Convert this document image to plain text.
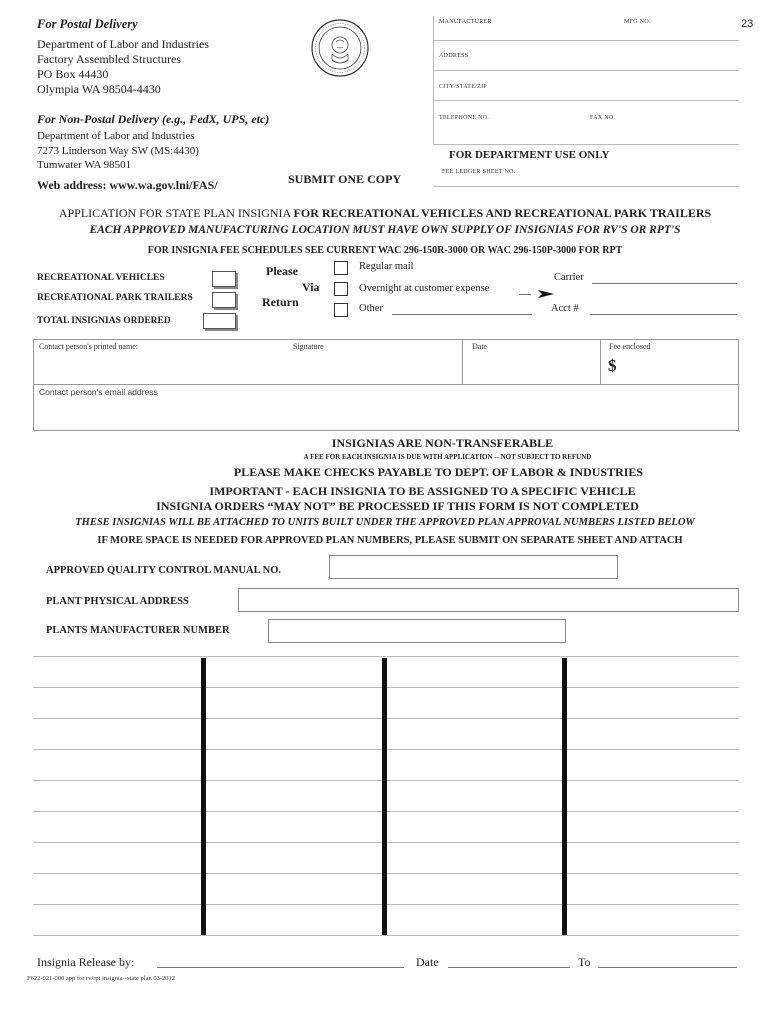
23
For Postal Delivery
Department of Labor and Industries
Factory Assembled Structures
PO Box 44430
Olympia WA 98504-4430
For Non-Postal Delivery (e.g., FedX, UPS, etc)
Department of Labor and Industries
7273 Linderson Way SW (MS:4430)
Tumwater WA 98501
Web address: www.wa.gov.lni/FAS/	SUBMIT ONE COPY
MANUFACTURER	MFG NO.
ADDRESS
CITY/STATE/ZIP
TELEPHONE NO.	FAX NO.
FOR DEPARTMENT USE ONLY
FEE LEDGER SHEET NO.
APPLICATION FOR STATE PLAN INSIGNIA FOR RECREATIONAL VEHICLES AND RECREATIONAL PARK TRAILERS
EACH APPROVED MANUFACTURING LOCATION MUST HAVE OWN SUPPLY OF INSIGNIAS FOR RV'S OR RPT'S
FOR INSIGNIA FEE SCHEDULES SEE CURRENT WAC 296-150R-3000 OR WAC 296-150P-3000 FOR RPT
RECREATIONAL VEHICLES
RECREATIONAL PARK TRAILERS
TOTAL INSIGNIAS ORDERED
Please
Via
Return
Regular mail
Overnight at customer expense
Other
Carrier
Acct #
Contact person's printed name:	Signature	Date	Fee enclosed
$
Contact person's email address
INSIGNIAS ARE NON-TRANSFERABLE
A FEE FOR EACH INSIGNIA IS DUE WITH APPLICATION -- NOT SUBJECT TO REFUND
PLEASE MAKE CHECKS PAYABLE TO DEPT. OF LABOR & INDUSTRIES
IMPORTANT - EACH INSIGNIA TO BE ASSIGNED TO A SPECIFIC VEHICLE
INSIGNIA ORDERS “MAY NOT” BE PROCESSED IF THIS FORM IS NOT COMPLETED
THESE INSIGNIAS WILL BE ATTACHED TO UNITS BUILT UNDER THE APPROVED PLAN APPROVAL NUMBERS LISTED BELOW
IF MORE SPACE IS NEEDED FOR APPROVED PLAN NUMBERS, PLEASE SUBMIT ON SEPARATE SHEET AND ATTACH
APPROVED QUALITY CONTROL MANUAL NO.
PLANT PHYSICAL ADDRESS
PLANTS MANUFACTURER NUMBER
Insignia Release by:	Date	To
F622-021-000 app for rv/rpt insignia--state plan 03-2012
